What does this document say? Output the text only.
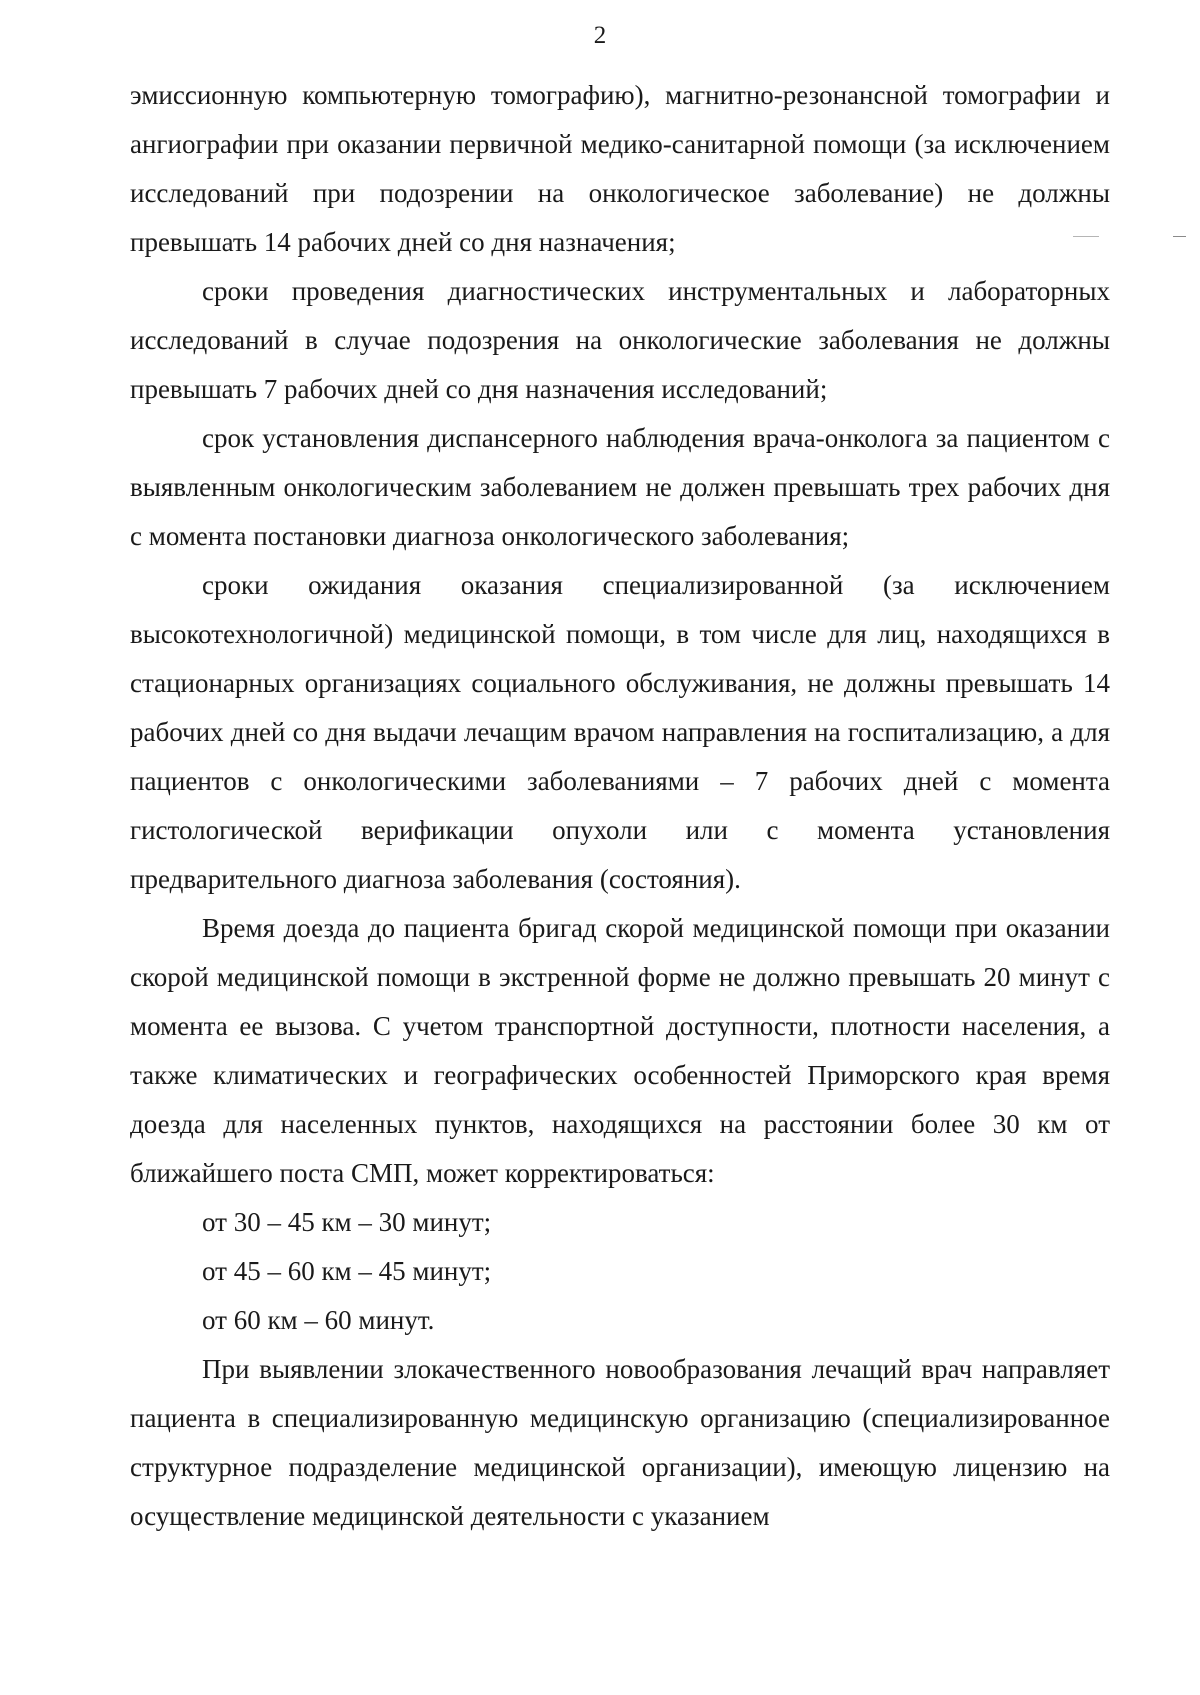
2

эмиссионную компьютерную томографию), магнитно-резонансной томографии и ангиографии при оказании первичной медико-санитарной помощи (за исключением исследований при подозрении на онкологическое заболевание) не должны превышать 14 рабочих дней со дня назначения;

сроки проведения диагностических инструментальных и лабораторных исследований в случае подозрения на онкологические заболевания не должны превышать 7 рабочих дней со дня назначения исследований;

срок установления диспансерного наблюдения врача-онколога за пациентом с выявленным онкологическим заболеванием не должен превышать трех рабочих дня с момента постановки диагноза онкологического заболевания;

сроки ожидания оказания специализированной (за исключением высокотехнологичной) медицинской помощи, в том числе для лиц, находящихся в стационарных организациях социального обслуживания, не должны превышать 14 рабочих дней со дня выдачи лечащим врачом направления на госпитализацию, а для пациентов с онкологическими заболеваниями – 7 рабочих дней с момента гистологической верификации опухоли или с момента установления предварительного диагноза заболевания (состояния).

Время доезда до пациента бригад скорой медицинской помощи при оказании скорой медицинской помощи в экстренной форме не должно превышать 20 минут с момента ее вызова. С учетом транспортной доступности, плотности населения, а также климатических и географических особенностей Приморского края время доезда для населенных пунктов, находящихся на расстоянии более 30 км от ближайшего поста СМП, может корректироваться:

от 30 – 45 км – 30 минут;

от 45 – 60 км – 45 минут;

от 60 км – 60 минут.

При выявлении злокачественного новообразования лечащий врач направляет пациента в специализированную медицинскую организацию (специализированное структурное подразделение медицинской организации), имеющую лицензию на осуществление медицинской деятельности с указанием
